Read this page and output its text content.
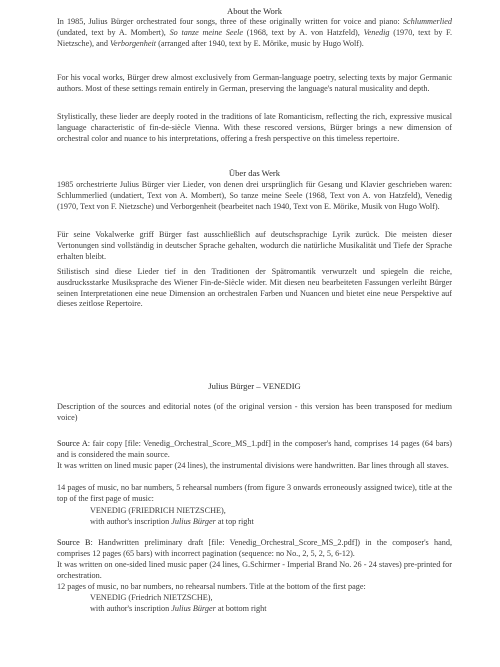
About the Work
In 1985, Julius Bürger orchestrated four songs, three of these originally written for voice and piano: Schlummerlied (undated, text by A. Mombert), So tanze meine Seele (1968, text by A. von Hatzfeld), Venedig (1970, text by F. Nietzsche), and Verborgenheit (arranged after 1940, text by E. Mörike, music by Hugo Wolf).
For his vocal works, Bürger drew almost exclusively from German-language poetry, selecting texts by major Germanic authors. Most of these settings remain entirely in German, preserving the language's natural musicality and depth.
Stylistically, these lieder are deeply rooted in the traditions of late Romanticism, reflecting the rich, expressive musical language characteristic of fin-de-siècle Vienna. With these rescored versions, Bürger brings a new dimension of orchestral color and nuance to his interpretations, offering a fresh perspective on this timeless repertoire.
Über das Werk
1985 orchestrierte Julius Bürger vier Lieder, von denen drei ursprünglich für Gesang und Klavier geschrieben waren: Schlummerlied (undatiert, Text von A. Mombert), So tanze meine Seele (1968, Text von A. von Hatzfeld), Venedig (1970, Text von F. Nietzsche) und Verborgenheit (bearbeitet nach 1940, Text von E. Mörike, Musik von Hugo Wolf).
Für seine Vokalwerke griff Bürger fast ausschließlich auf deutschsprachige Lyrik zurück. Die meisten dieser Vertonungen sind vollständig in deutscher Sprache gehalten, wodurch die natürliche Musikalität und Tiefe der Sprache erhalten bleibt.
Stilistisch sind diese Lieder tief in den Traditionen der Spätromantik verwurzelt und spiegeln die reiche, ausdrucksstarke Musiksprache des Wiener Fin-de-Siècle wider. Mit diesen neu bearbeiteten Fassungen verleiht Bürger seinen Interpretationen eine neue Dimension an orchestralen Farben und Nuancen und bietet eine neue Perspektive auf dieses zeitlose Repertoire.
Julius Bürger – VENEDIG
Description of the sources and editorial notes (of the original version - this version has been transposed for medium voice)
Source A: fair copy [file: Venedig_Orchestral_Score_MS_1.pdf] in the composer's hand, comprises 14 pages (64 bars) and is considered the main source.
It was written on lined music paper (24 lines), the instrumental divisions were handwritten. Bar lines through all staves.
14 pages of music, no bar numbers, 5 rehearsal numbers (from figure 3 onwards erroneously assigned twice), title at the top of the first page of music:
VENEDIG (FRIEDRICH NIETZSCHE),
with author's inscription Julius Bürger at top right
Source B: Handwritten preliminary draft [file: Venedig_Orchestral_Score_MS_2.pdf]) in the composer's hand, comprises 12 pages (65 bars) with incorrect pagination (sequence: no No., 2, 5, 2, 5, 6-12).
It was written on one-sided lined music paper (24 lines, G.Schirmer - Imperial Brand No. 26 - 24 staves) pre-printed for orchestration.
12 pages of music, no bar numbers, no rehearsal numbers. Title at the bottom of the first page:
VENEDIG (Friedrich NIETZSCHE),
with author's inscription Julius Bürger at bottom right
